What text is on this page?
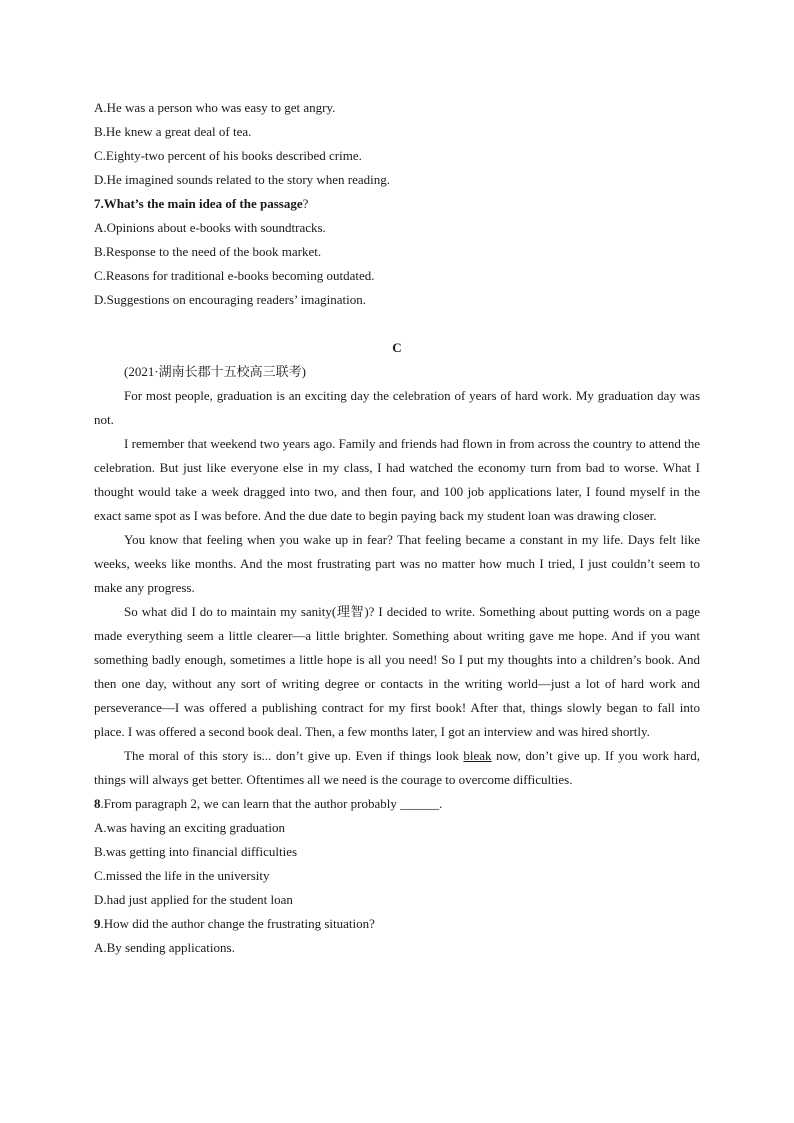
A.He was a person who was easy to get angry.
B.He knew a great deal of tea.
C.Eighty-two percent of his books described crime.
D.He imagined sounds related to the story when reading.
7.What’s the main idea of the passage?
A.Opinions about e-books with soundtracks.
B.Response to the need of the book market.
C.Reasons for traditional e-books becoming outdated.
D.Suggestions on encouraging readers’ imagination.
C
(2021·湖南长郡十五校高三联考)
For most people, graduation is an exciting day the celebration of years of hard work. My graduation day was not.
I remember that weekend two years ago. Family and friends had flown in from across the country to attend the celebration. But just like everyone else in my class, I had watched the economy turn from bad to worse. What I thought would take a week dragged into two, and then four, and 100 job applications later, I found myself in the exact same spot as I was before. And the due date to begin paying back my student loan was drawing closer.
You know that feeling when you wake up in fear? That feeling became a constant in my life. Days felt like weeks, weeks like months. And the most frustrating part was no matter how much I tried, I just couldn’t seem to make any progress.
So what did I do to maintain my sanity(理智)? I decided to write. Something about putting words on a page made everything seem a little clearer—a little brighter. Something about writing gave me hope. And if you want something badly enough, sometimes a little hope is all you need! So I put my thoughts into a children’s book. And then one day, without any sort of writing degree or contacts in the writing world—just a lot of hard work and perseverance—I was offered a publishing contract for my first book! After that, things slowly began to fall into place. I was offered a second book deal. Then, a few months later, I got an interview and was hired shortly.
The moral of this story is... don’t give up. Even if things look bleak now, don’t give up. If you work hard, things will always get better. Oftentimes all we need is the courage to overcome difficulties.
8.From paragraph 2, we can learn that the author probably ______.
A.was having an exciting graduation
B.was getting into financial difficulties
C.missed the life in the university
D.had just applied for the student loan
9.How did the author change the frustrating situation?
A.By sending applications.
